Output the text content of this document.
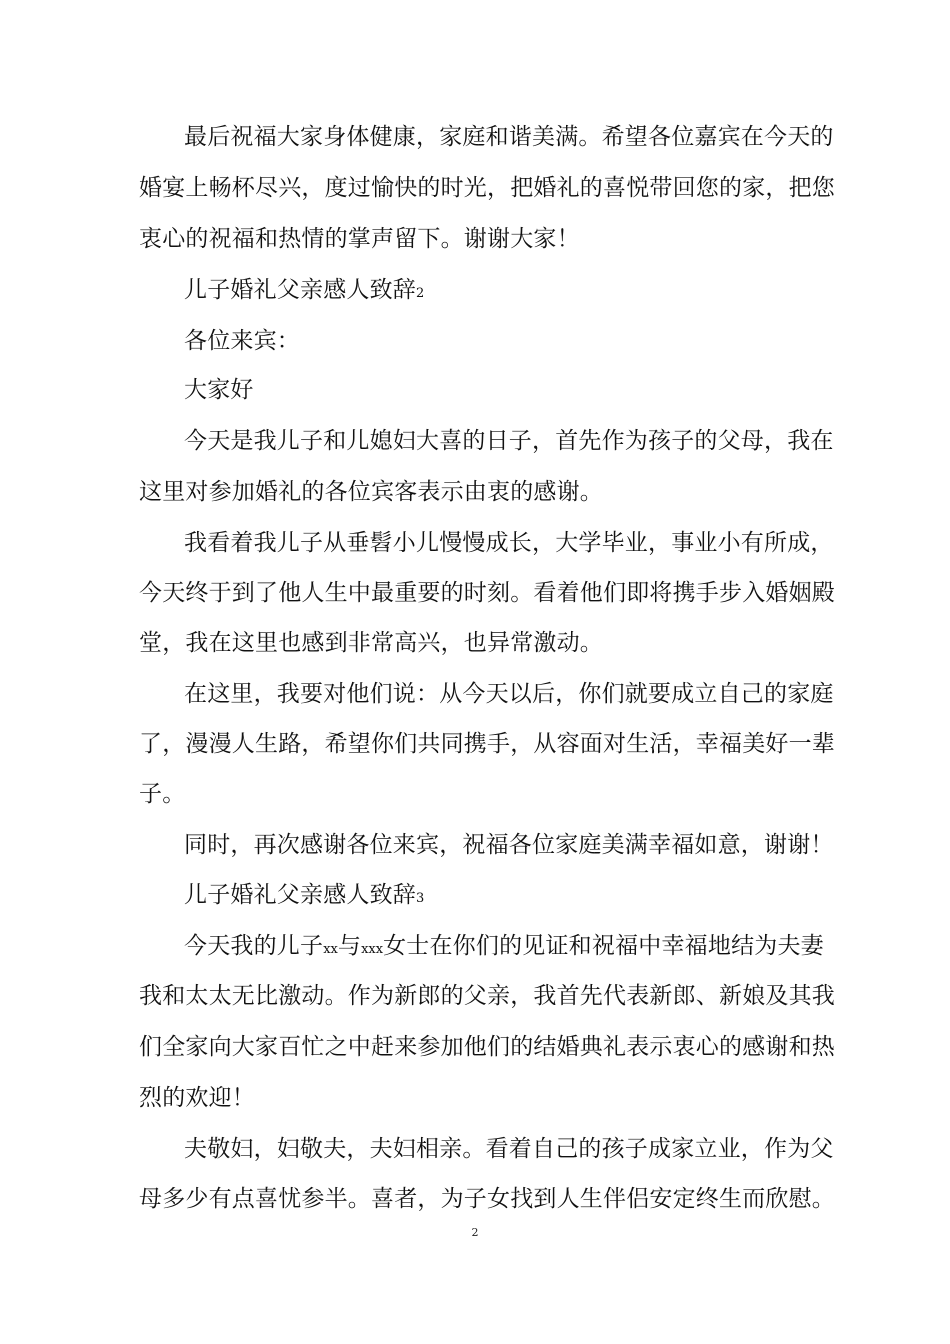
最后祝福大家身体健康，家庭和谐美满。希望各位嘉宾在今天的
婚宴上畅杯尽兴，度过愉快的时光，把婚礼的喜悦带回您的家，把您
衷心的祝福和热情的掌声留下。谢谢大家！
儿子婚礼父亲感人致辞2
各位来宾：
大家好
今天是我儿子和儿媳妇大喜的日子，首先作为孩子的父母，我在
这里对参加婚礼的各位宾客表示由衷的感谢。
我看着我儿子从垂髫小儿慢慢成长，大学毕业，事业小有所成，
今天终于到了他人生中最重要的时刻。看着他们即将携手步入婚姻殿
堂，我在这里也感到非常高兴，也异常激动。
在这里，我要对他们说：从今天以后，你们就要成立自己的家庭
了，漫漫人生路，希望你们共同携手，从容面对生活，幸福美好一辈
子。
同时，再次感谢各位来宾，祝福各位家庭美满幸福如意，谢谢！
儿子婚礼父亲感人致辞3
今天我的儿子xx与xxx女士在你们的见证和祝福中幸福地结为夫妻
我和太太无比激动。作为新郎的父亲，我首先代表新郎、新娘及其我
们全家向大家百忙之中赶来参加他们的结婚典礼表示衷心的感谢和热
烈的欢迎！
夫敬妇，妇敬夫，夫妇相亲。看着自己的孩子成家立业，作为父
母多少有点喜忧参半。喜者，为子女找到人生伴侣安定终生而欣慰。
2
